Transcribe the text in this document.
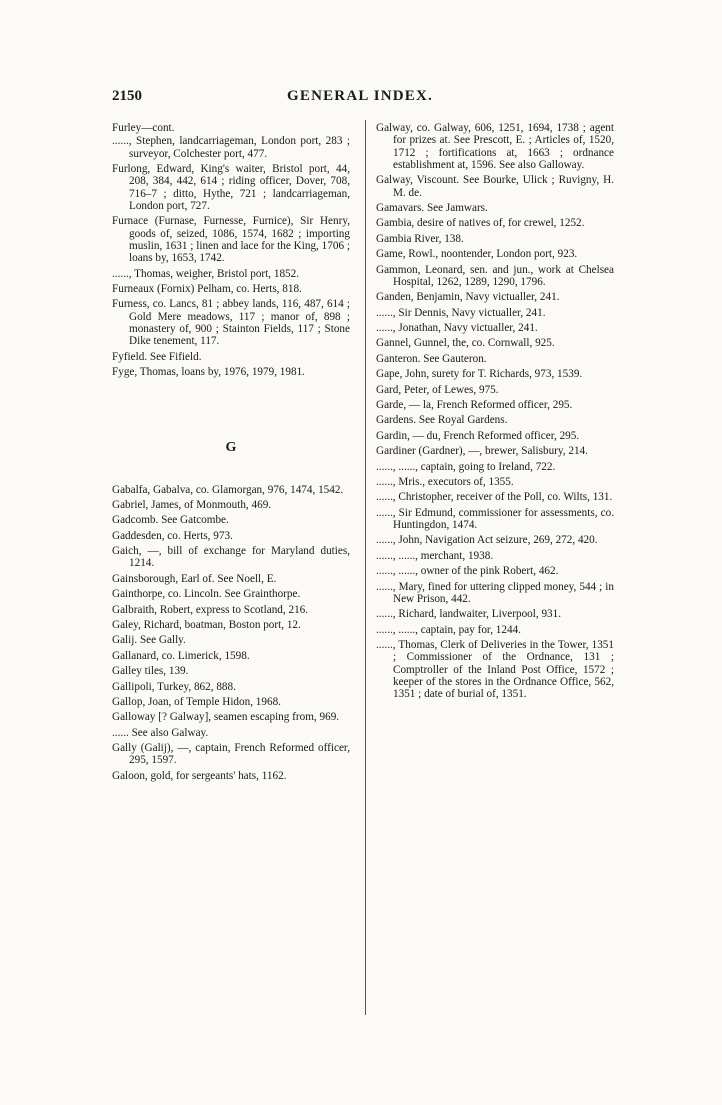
2150	GENERAL INDEX.
Furley—cont.
......, Stephen, landcarriageman, London port, 283 ; surveyor, Colchester port, 477.
Furlong, Edward, King's waiter, Bristol port, 44, 208, 384, 442, 614 ; riding officer, Dover, 708, 716–7 ; ditto, Hythe, 721 ; landcarriageman, London port, 727.
Furnace (Furnase, Furnesse, Furnice), Sir Henry, goods of, seized, 1086, 1574, 1682 ; importing muslin, 1631 ; linen and lace for the King, 1706 ; loans by, 1653, 1742.
......, Thomas, weigher, Bristol port, 1852.
Furneaux (Fornix) Pelham, co. Herts, 818.
Furness, co. Lancs, 81 ; abbey lands, 116, 487, 614 ; Gold Mere meadows, 117 ; manor of, 898 ; monastery of, 900 ; Stainton Fields, 117 ; Stone Dike tenement, 117.
Fyfield. See Fifield.
Fyge, Thomas, loans by, 1976, 1979, 1981.
G
Gabalfa, Gabalva, co. Glamorgan, 976, 1474, 1542.
Gabriel, James, of Monmouth, 469.
Gadcomb. See Gatcombe.
Gaddesden, co. Herts, 973.
Gaich, —, bill of exchange for Maryland duties, 1214.
Gainsborough, Earl of. See Noell, E.
Gainthorpe, co. Lincoln. See Grainthorpe.
Galbraith, Robert, express to Scotland, 216.
Galey, Richard, boatman, Boston port, 12.
Galij. See Gally.
Gallanard, co. Limerick, 1598.
Galley tiles, 139.
Gallipoli, Turkey, 862, 888.
Gallop, Joan, of Temple Hidon, 1968.
Galloway [? Galway], seamen escaping from, 969.
...... See also Galway.
Gally (Galij), —, captain, French Reformed officer, 295, 1597.
Galoon, gold, for sergeants' hats, 1162.
Galway, co. Galway, 606, 1251, 1694, 1738 ; agent for prizes at. See Prescott, E. ; Articles of, 1520, 1712 ; fortifications at, 1663 ; ordnance establishment at, 1596. See also Galloway.
Galway, Viscount. See Bourke, Ulick ; Ruvigny, H. M. de.
Gamavars. See Jamwars.
Gambia, desire of natives of, for crewel, 1252.
Gambia River, 138.
Game, Rowl., noontender, London port, 923.
Gammon, Leonard, sen. and jun., work at Chelsea Hospital, 1262, 1289, 1290, 1796.
Ganden, Benjamin, Navy victualler, 241.
......, Sir Dennis, Navy victualler, 241.
......, Jonathan, Navy victualler, 241.
Gannel, Gunnel, the, co. Cornwall, 925.
Ganteron. See Gauteron.
Gape, John, surety for T. Richards, 973, 1539.
Gard, Peter, of Lewes, 975.
Garde, — la, French Reformed officer, 295.
Gardens. See Royal Gardens.
Gardin, — du, French Reformed officer, 295.
Gardiner (Gardner), —, brewer, Salisbury, 214.
......, ......, captain, going to Ireland, 722.
......, Mris., executors of, 1355.
......, Christopher, receiver of the Poll, co. Wilts, 131.
......, Sir Edmund, commissioner for assessments, co. Huntingdon, 1474.
......, John, Navigation Act seizure, 269, 272, 420.
......, ......, merchant, 1938.
......, ......, owner of the pink Robert, 462.
......, Mary, fined for uttering clipped money, 544 ; in New Prison, 442.
......, Richard, landwaiter, Liverpool, 931.
......, ......, captain, pay for, 1244.
......, Thomas, Clerk of Deliveries in the Tower, 1351 ; Commissioner of the Ordnance, 131 ; Comptroller of the Inland Post Office, 1572 ; keeper of the stores in the Ordnance Office, 562, 1351 ; date of burial of, 1351.
